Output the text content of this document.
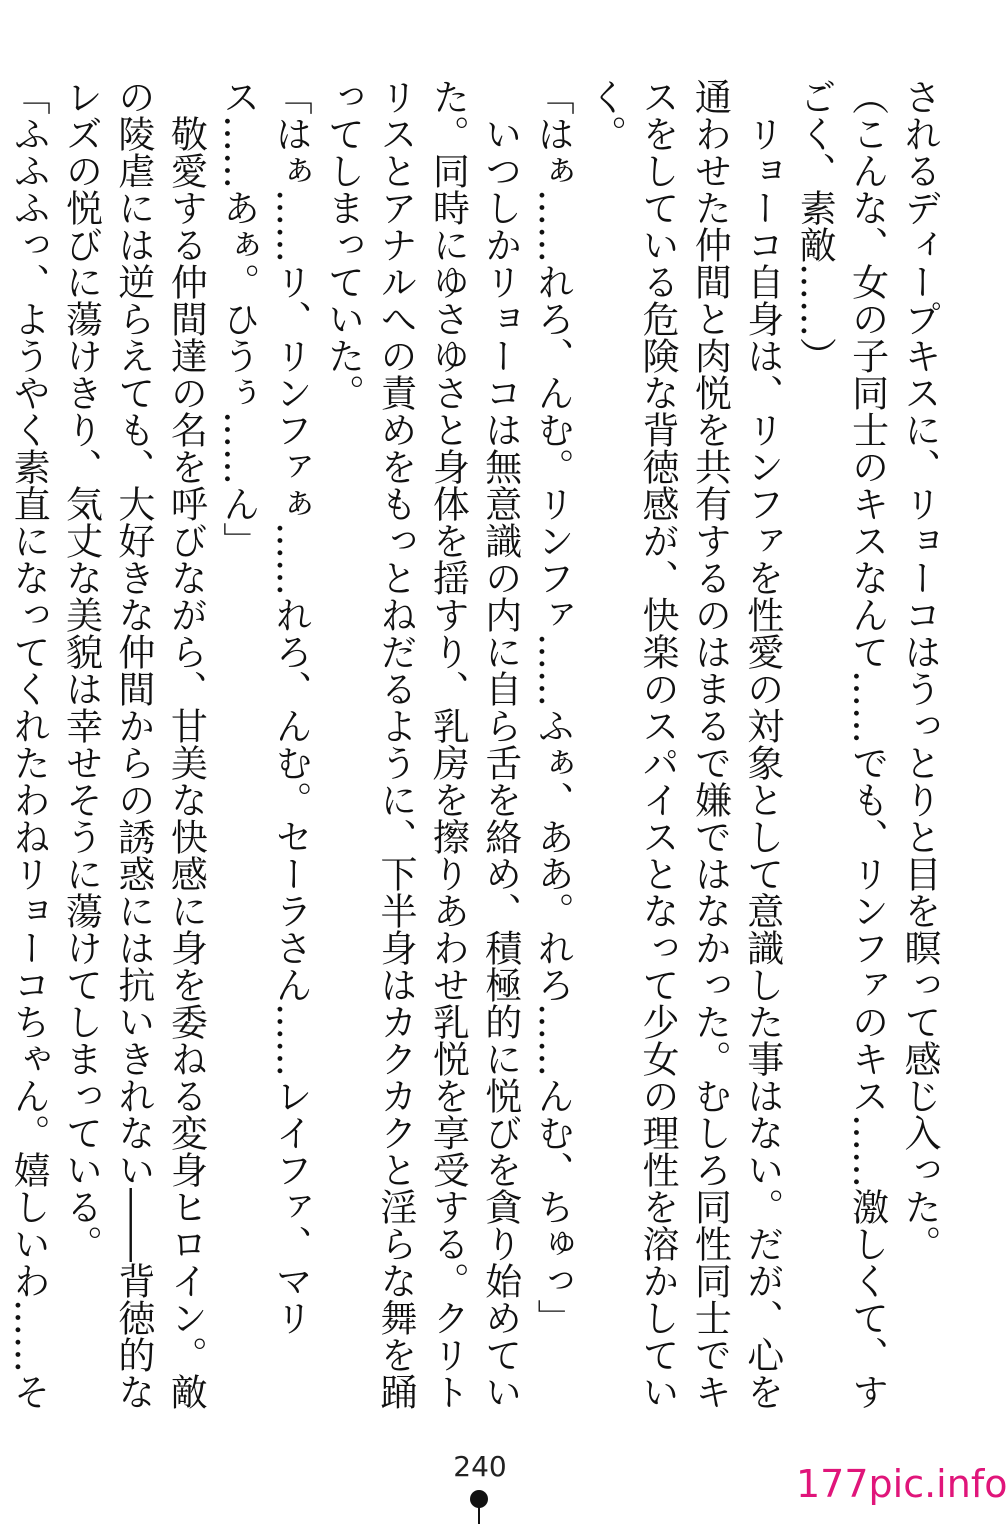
されるディープキスに、リョーコはうっとりと目を瞑って感じ入った。

（こんな、女の子同士のキスなんて……でも、リンファのキス……激しくて、すごく、素敵……）

リョーコ自身は、リンファを性愛の対象として意識した事はない。だが、心を通わせた仲間と肉悦を共有するのはまるで嫌ではなかった。むしろ同性同士でキスをしている危険な背徳感が、快楽のスパイスとなって少女の理性を溶かしていく。

「はぁ……れろ、んむ。リンファ……ふぁ、ああ。れろ……んむ、ちゅっ」

いつしかリョーコは無意識の内に自ら舌を絡め、積極的に悦びを貪り始めていた。同時にゆさゆさと身体を揺すり、乳房を擦りあわせ乳悦を享受する。クリトリスとアナルへの責めをもっとねだるように、下半身はカクカクと淫らな舞を踊ってしまっていた。

「はぁ……リ、リンファぁ……れろ、んむ。セーラさん……レイファ、マリス……あぁ。ひうぅ……ん」

敬愛する仲間達の名を呼びながら、甘美な快感に身を委ねる変身ヒロイン。敵の陵虐には逆らえても、大好きな仲間からの誘惑には抗いきれない――背徳的なレズの悦びに蕩けきり、気丈な美貌は幸せそうに蕩けてしまっている。

「ふふふっ、ようやく素直になってくれたわねリョーコちゃん。嬉しいわ……そ

240	177pic.info
